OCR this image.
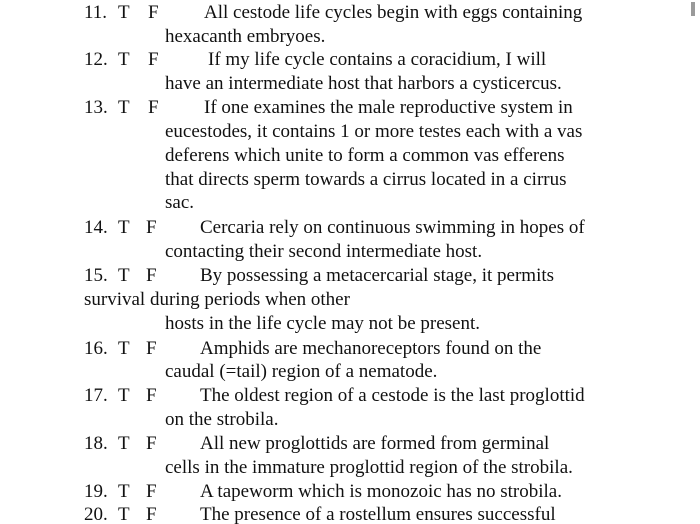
11. T F All cestode life cycles begin with eggs containing
hexacanth embryoes.
12. T F	If my life cycle contains a coracidium, I will
have an intermediate host that harbors a cysticercus.
13. T F If one examines the male reproductive system in
eucestodes, it contains 1 or more testes each with a vas
deferens which unite to form a common vas efferens
that directs sperm towards a cirrus located in a cirrus
sac.
14. T F Cercaria rely on continuous swimming in hopes of
contacting their second intermediate host.
15. T F By possessing a metacercarial stage, it permits
survival during periods when other
hosts in the life cycle may not be present.
16. T F Amphids are mechanoreceptors found on the
caudal (=tail) region of a nematode.
17. T F The oldest region of a cestode is the last proglottid
on the strobila.
18. T F All new proglottids are formed from germinal
cells in the immature proglottid region of the strobila.
19. T F A tapeworm which is monozoic has no strobila.
20. T F The presence of a rostellum ensures successful
